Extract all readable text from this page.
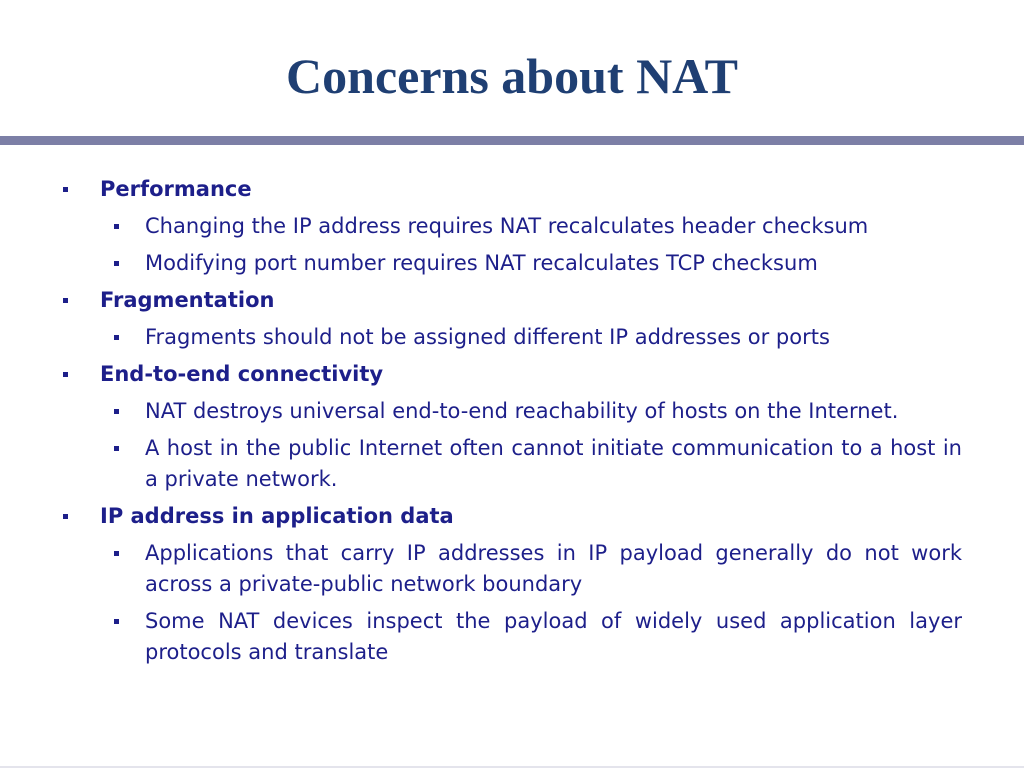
Concerns about NAT
Performance
Changing the IP address requires NAT recalculates header checksum
Modifying port number requires NAT recalculates TCP checksum
Fragmentation
Fragments should not be assigned different IP addresses or ports
End-to-end connectivity
NAT destroys universal end-to-end reachability of hosts on the Internet.
A host in the public Internet often cannot initiate communication to a host in a private network.
IP address in application data
Applications that carry IP addresses in IP payload generally do not work across a private-public network boundary
Some NAT devices inspect the payload of widely used application layer protocols and translate
